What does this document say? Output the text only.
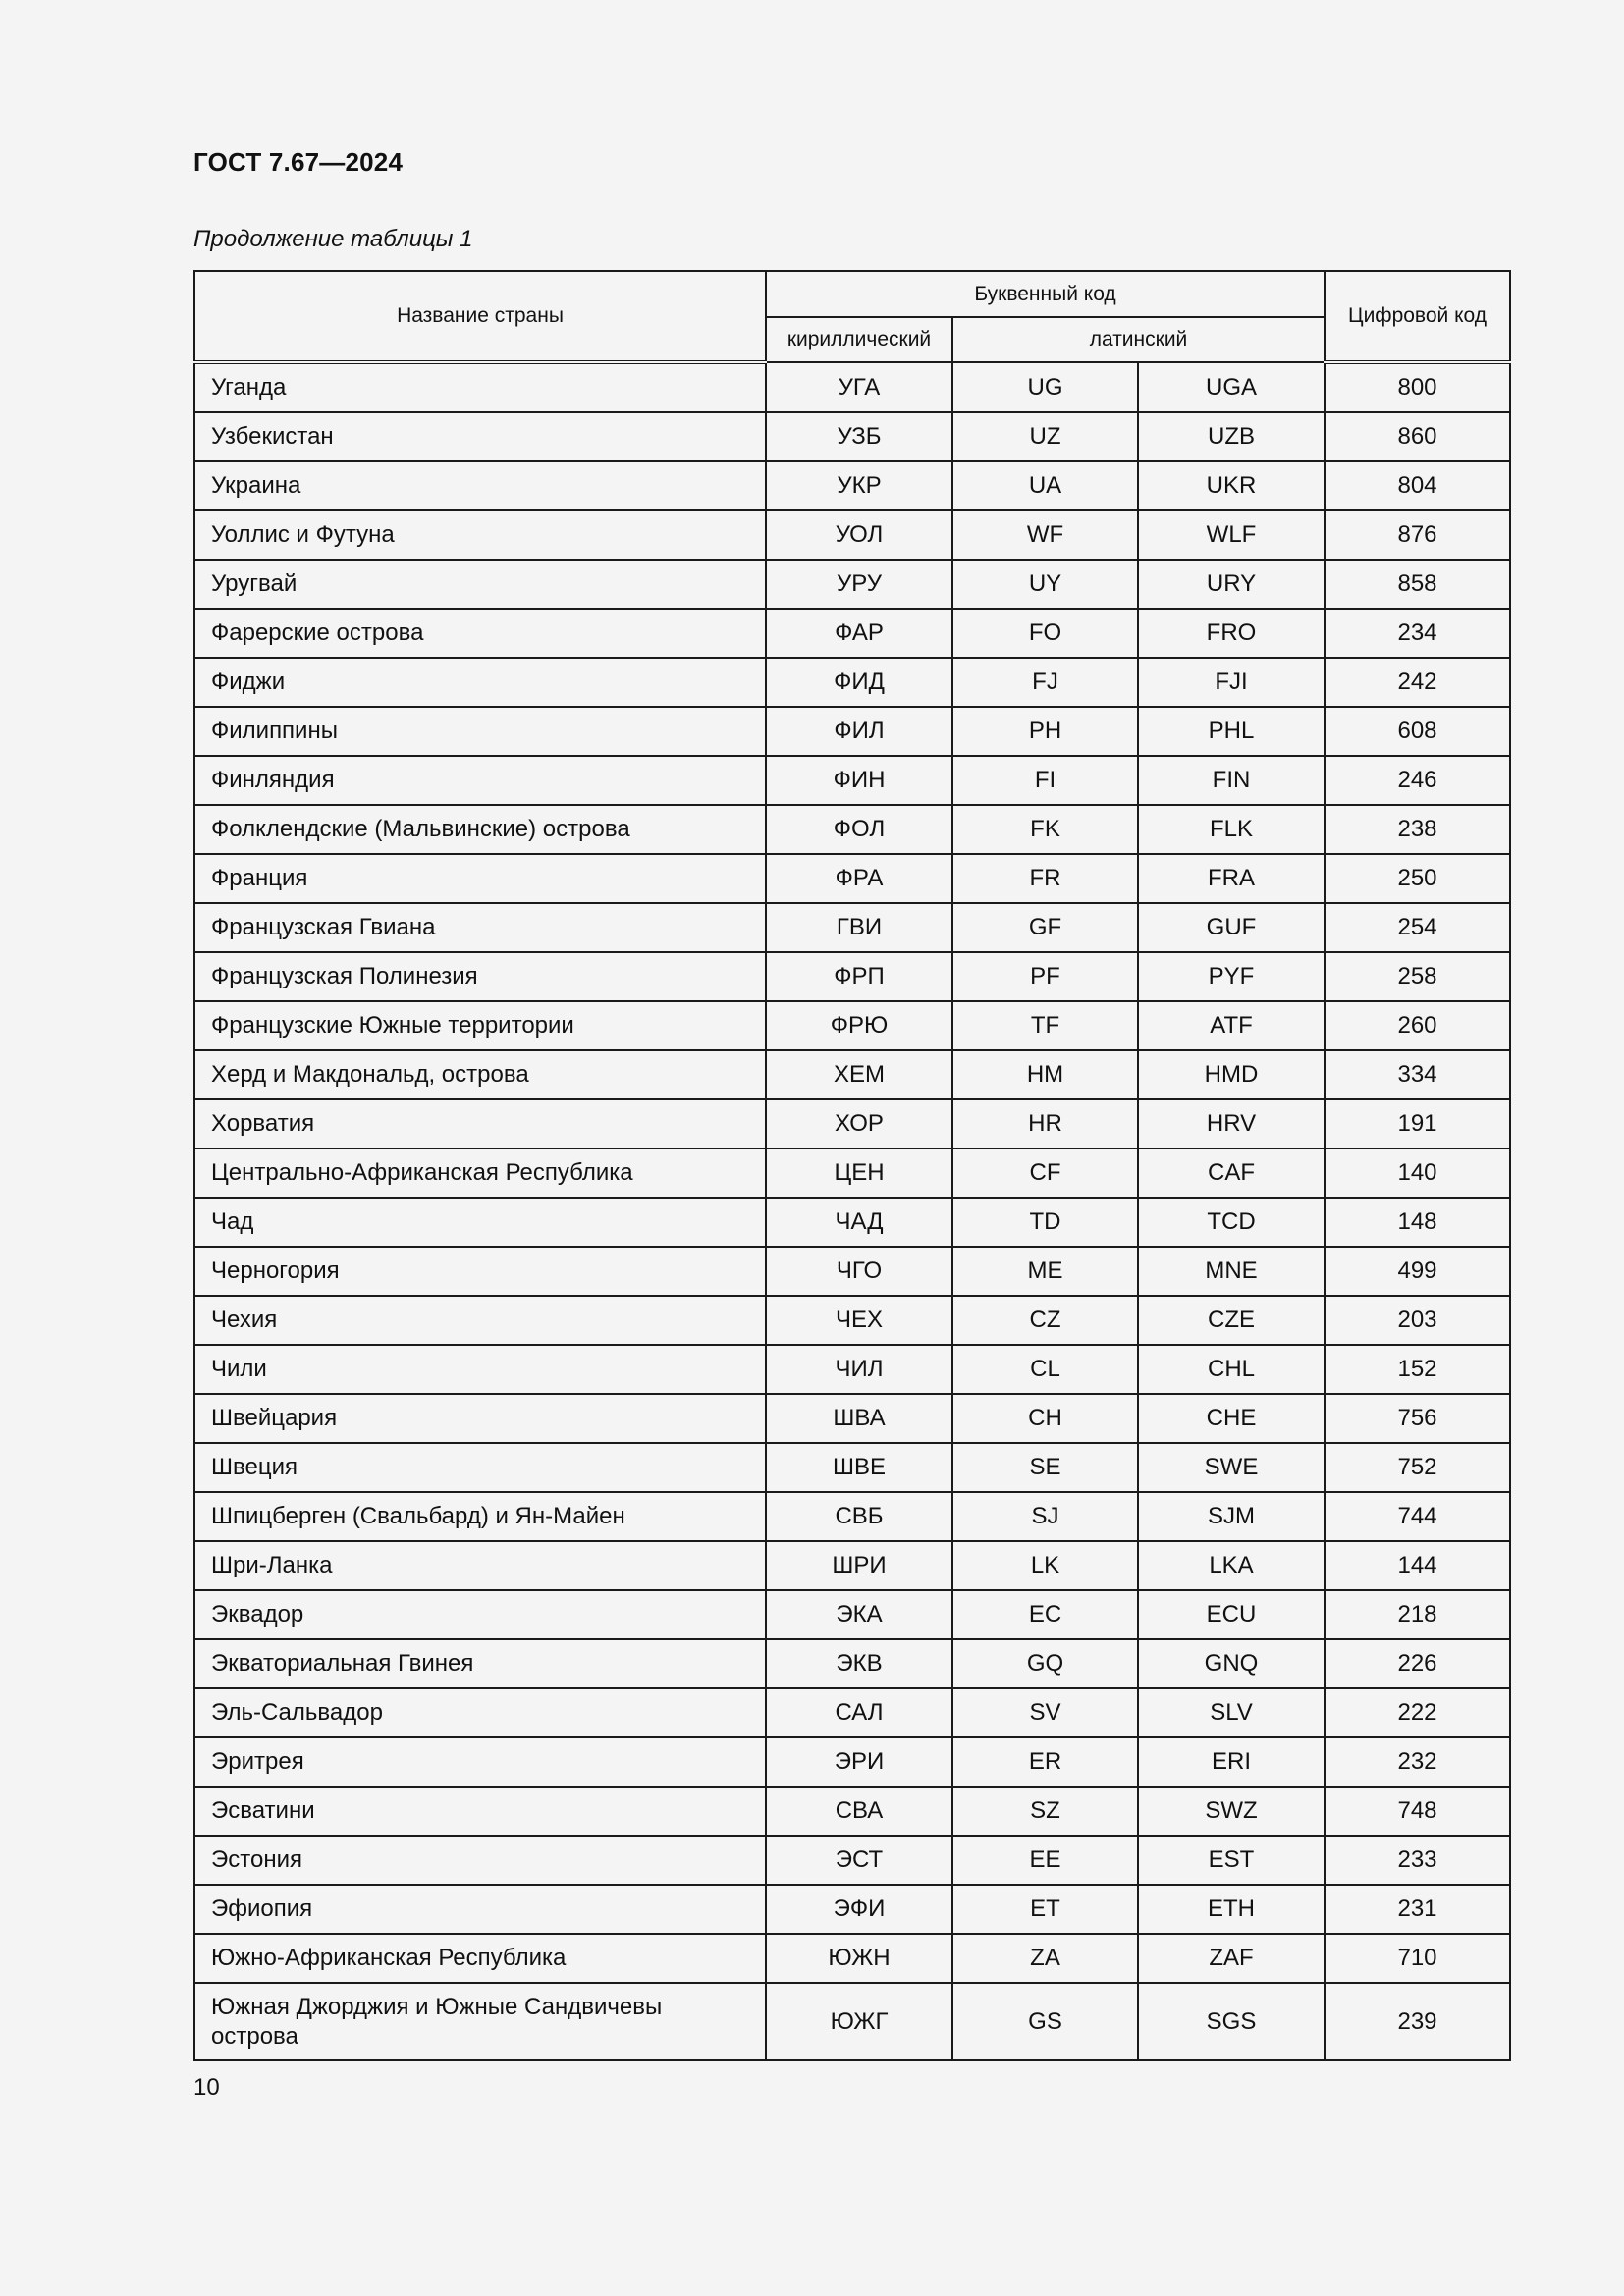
ГОСТ 7.67—2024
Продолжение таблицы 1
Название страны	Буквенный код			Цифровой код
	кириллический	латинский		
Уганда	УГА	UG	UGA	800
Узбекистан	УЗБ	UZ	UZB	860
Украина	УКР	UA	UKR	804
Уоллис и Футуна	УОЛ	WF	WLF	876
Уругвай	УРУ	UY	URY	858
Фарерские острова	ФАР	FO	FRO	234
Фиджи	ФИД	FJ	FJI	242
Филиппины	ФИЛ	PH	PHL	608
Финляндия	ФИН	FI	FIN	246
Фолклендские (Мальвинские) острова	ФОЛ	FK	FLK	238
Франция	ФРА	FR	FRA	250
Французская Гвиана	ГВИ	GF	GUF	254
Французская Полинезия	ФРП	PF	PYF	258
Французские Южные территории	ФРЮ	TF	ATF	260
Херд и Макдональд, острова	ХЕМ	HM	HMD	334
Хорватия	ХОР	HR	HRV	191
Центрально-Африканская Республика	ЦЕН	CF	CAF	140
Чад	ЧАД	TD	TCD	148
Черногория	ЧГО	ME	MNE	499
Чехия	ЧЕХ	CZ	CZE	203
Чили	ЧИЛ	CL	CHL	152
Швейцария	ШВА	CH	CHE	756
Швеция	ШВЕ	SE	SWE	752
Шпицберген (Свальбард) и Ян-Майен	СВБ	SJ	SJM	744
Шри-Ланка	ШРИ	LK	LKA	144
Эквадор	ЭКА	EC	ECU	218
Экваториальная Гвинея	ЭКВ	GQ	GNQ	226
Эль-Сальвадор	САЛ	SV	SLV	222
Эритрея	ЭРИ	ER	ERI	232
Эсватини	СВА	SZ	SWZ	748
Эстония	ЭСТ	EE	EST	233
Эфиопия	ЭФИ	ET	ETH	231
Южно-Африканская Республика	ЮЖН	ZA	ZAF	710
Южная Джорджия и Южные Сандвичевы острова	ЮЖГ	GS	SGS	239
10
